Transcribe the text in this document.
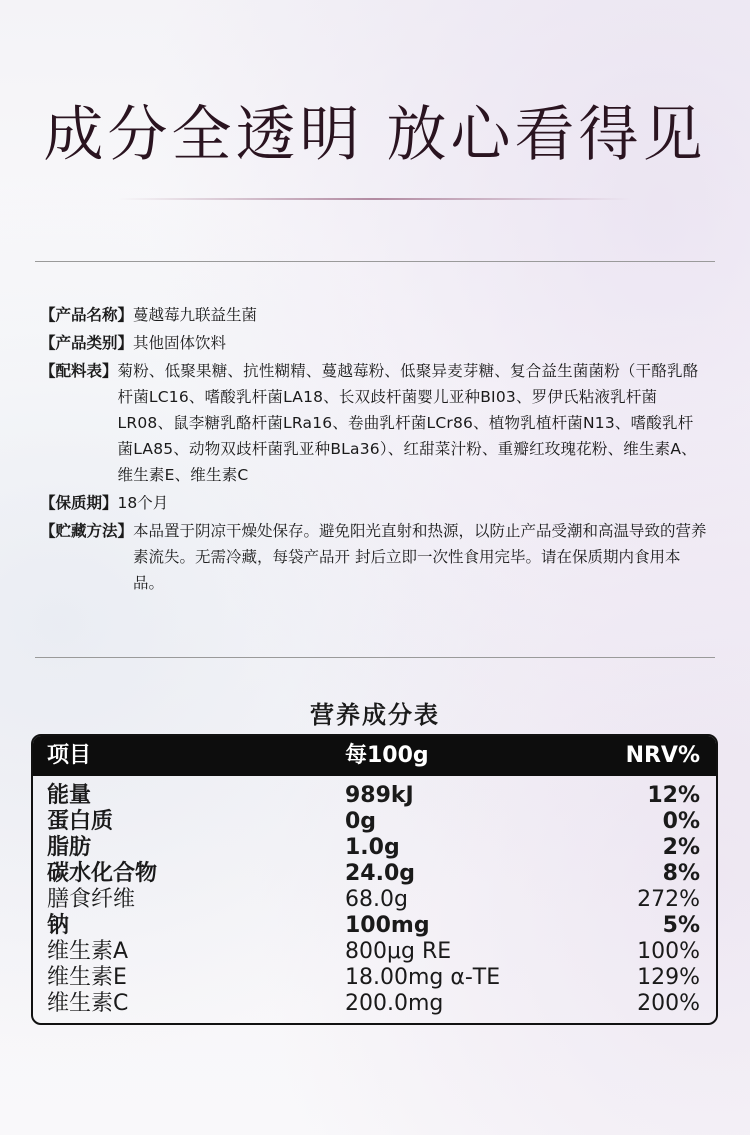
成分全透明 放心看得见
【产品名称】 蔓越莓九联益生菌
【产品类别】 其他固体饮料
【配料表】 菊粉、低聚果糖、抗性糊精、蔓越莓粉、低聚异麦芽糖、复合益生菌菌粉（干酪乳酪杆菌LC16、嗜酸乳杆菌LA18、长双歧杆菌婴儿亚种BI03、罗伊氏粘液乳杆菌LR08、鼠李糖乳酪杆菌LRa16、卷曲乳杆菌LCr86、植物乳植杆菌N13、嗜酸乳杆菌LA85、动物双歧杆菌乳亚种BLa36）、红甜菜汁粉、重瓣红玫瑰花粉、维生素A、维生素E、维生素C
【保质期】 18个月
【贮藏方法】 本品置于阴凉干燥处保存。避免阳光直射和热源，以防止产品受潮和高温导致的营养素流失。无需冷藏，每袋产品开 封后立即一次性食用完毕。请在保质期内食用本品。
营养成分表
项目	每100g	NRV%
能量	989kJ	12%
蛋白质	0g	0%
脂肪	1.0g	2%
碳水化合物	24.0g	8%
膳食纤维	68.0g	272%
钠	100mg	5%
维生素A	800μg RE	100%
维生素E	18.00mg α-TE	129%
维生素C	200.0mg	200%
